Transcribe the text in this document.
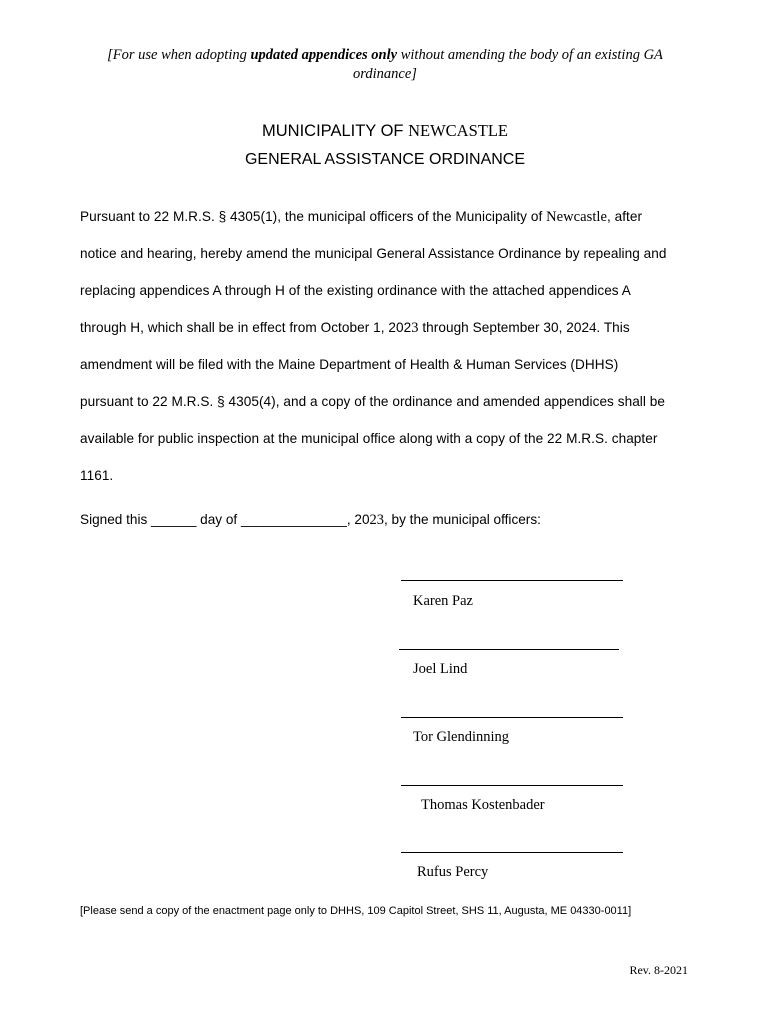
[For use when adopting updated appendices only without amending the body of an existing GA ordinance]
MUNICIPALITY OF NEWCASTLE
GENERAL ASSISTANCE ORDINANCE
Pursuant to 22 M.R.S. § 4305(1), the municipal officers of the Municipality of Newcastle, after
notice and hearing, hereby amend the municipal General Assistance Ordinance by repealing and
replacing appendices A through H of the existing ordinance with the attached appendices A
through H, which shall be in effect from October 1, 2023 through September 30, 2024. This
amendment will be filed with the Maine Department of Health & Human Services (DHHS)
pursuant to 22 M.R.S. § 4305(4), and a copy of the ordinance and amended appendices shall be
available for public inspection at the municipal office along with a copy of the 22 M.R.S. chapter
1161.
Signed this ______ day of ______________, 2023, by the municipal officers:
Karen Paz
Joel Lind
Tor Glendinning
Thomas Kostenbader
Rufus Percy
[Please send a copy of the enactment page only to DHHS, 109 Capitol Street, SHS 11, Augusta, ME 04330-0011]
Rev. 8-2021
